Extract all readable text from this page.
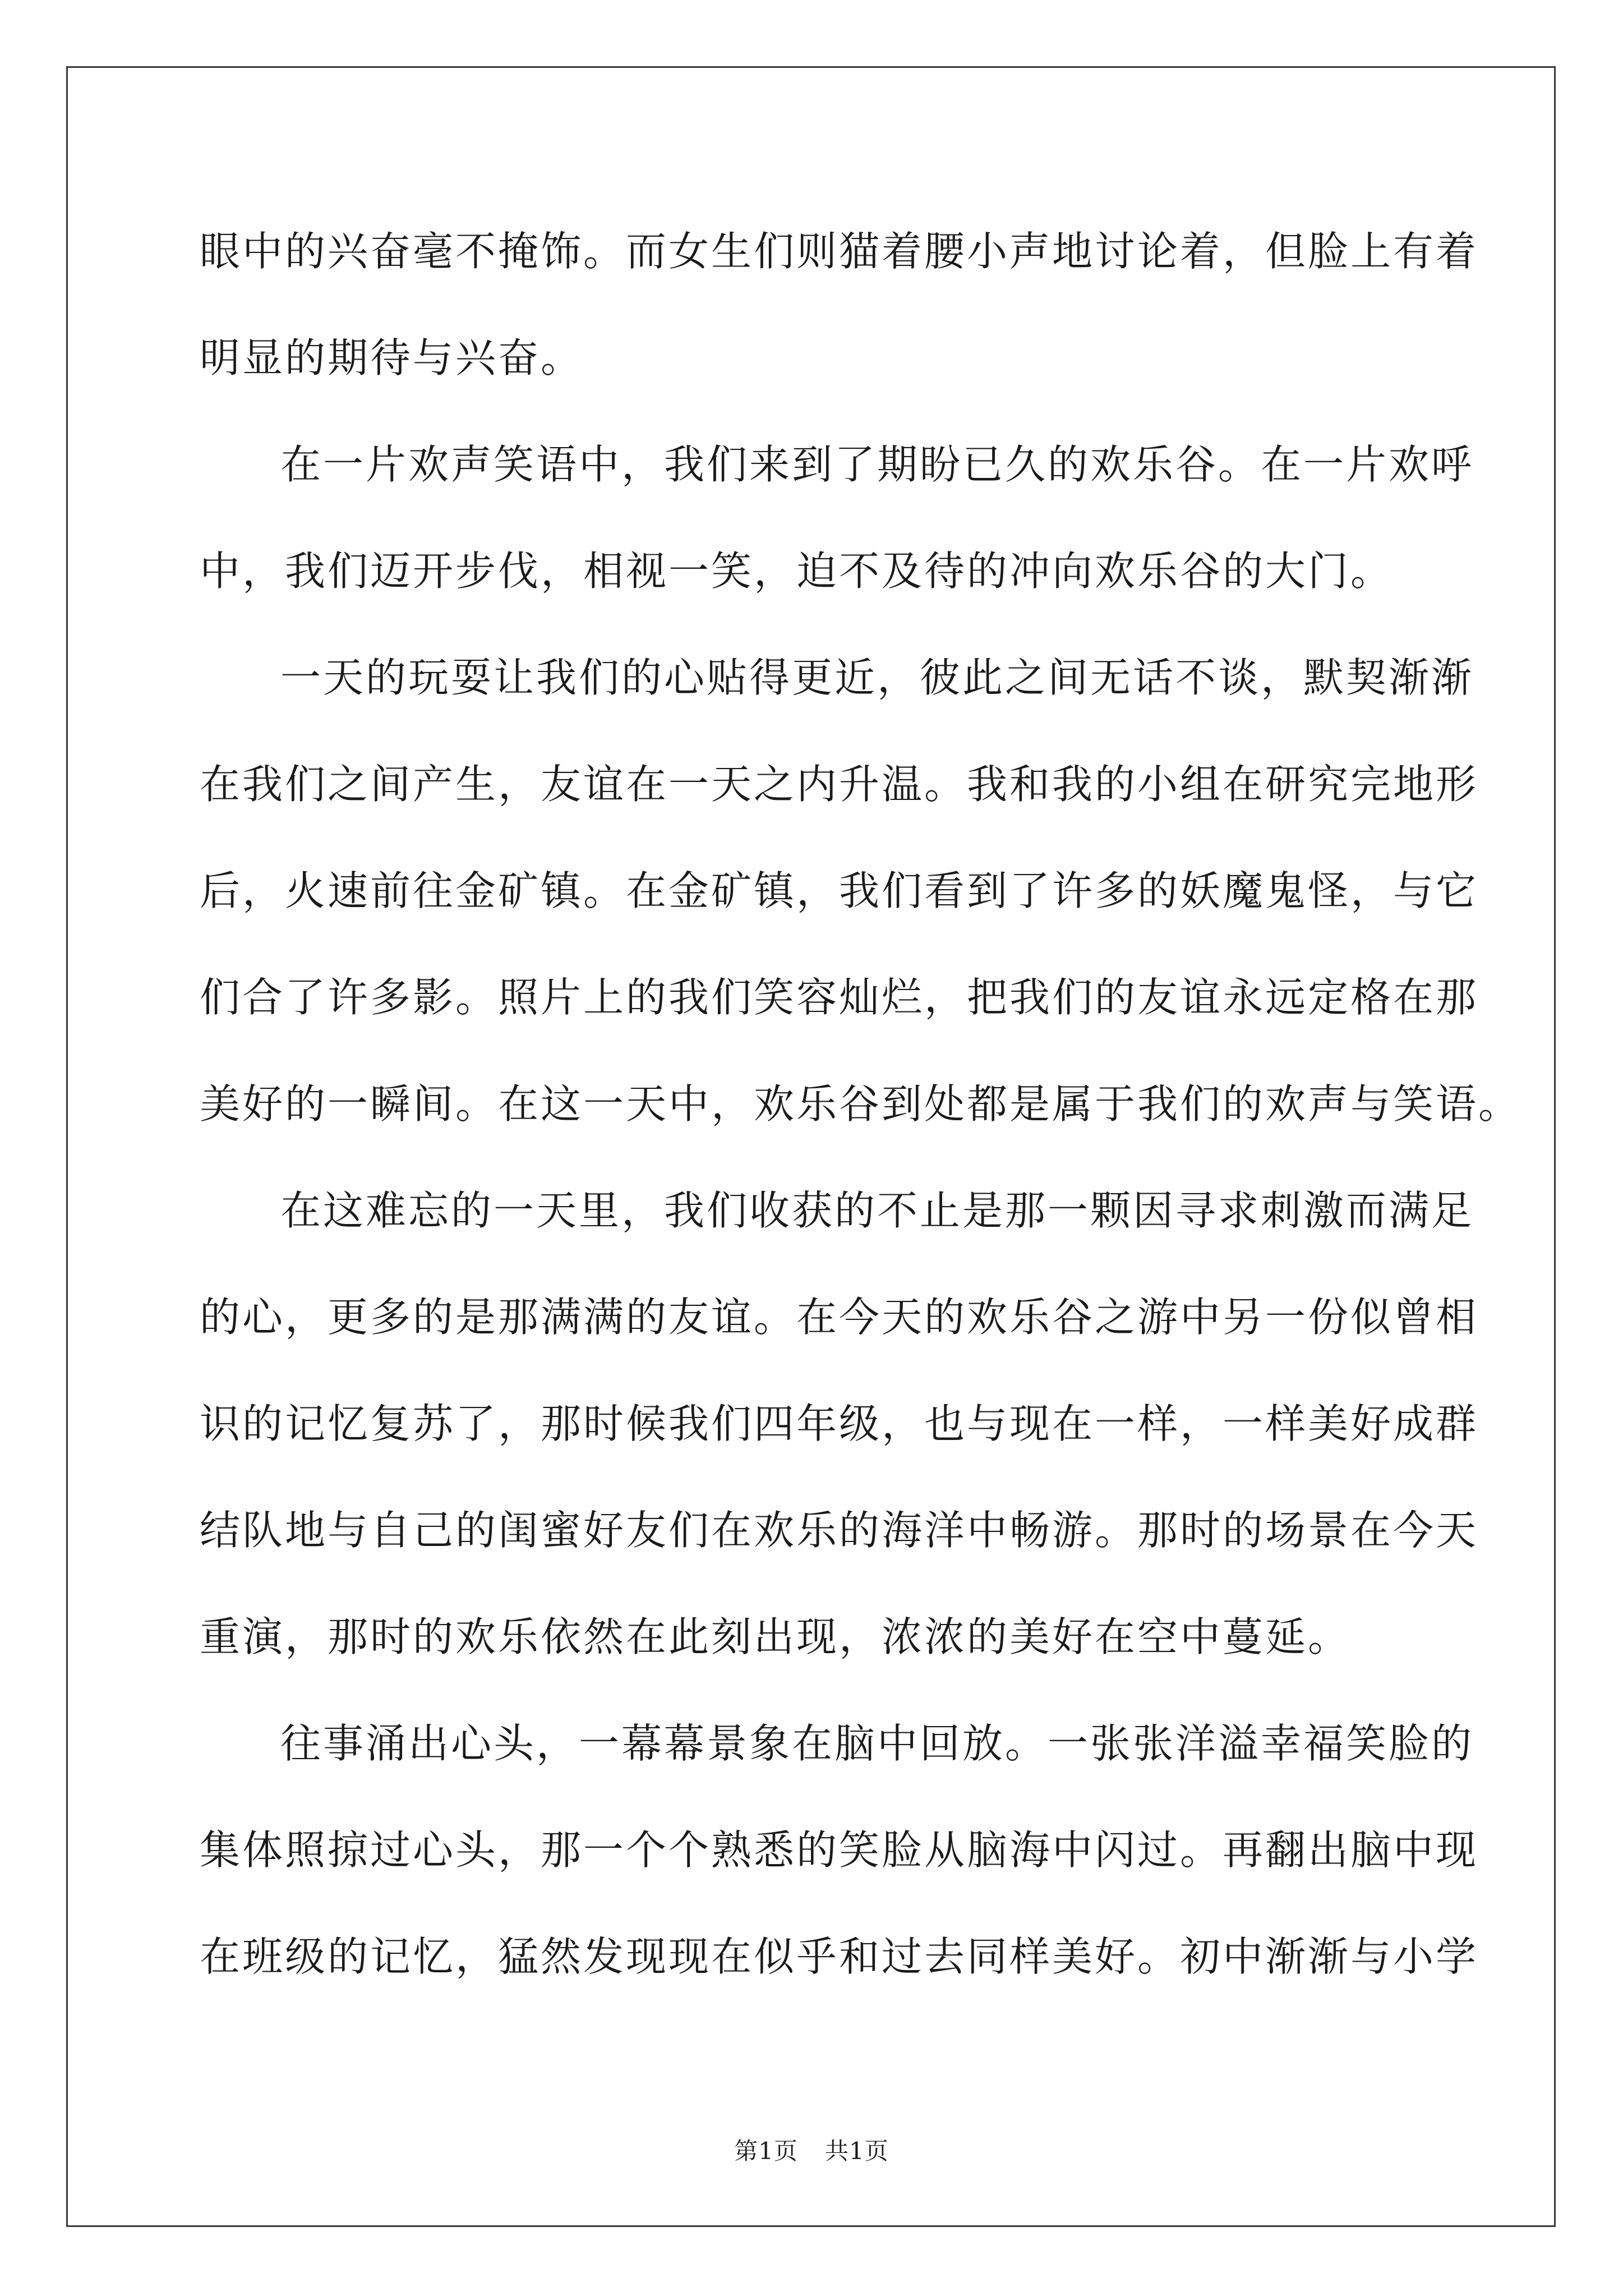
眼中的兴奋毫不掩饰。而女生们则猫着腰小声地讨论着，但脸上有着
明显的期待与兴奋。
在一片欢声笑语中，我们来到了期盼已久的欢乐谷。在一片欢呼
中，我们迈开步伐，相视一笑，迫不及待的冲向欢乐谷的大门。
一天的玩耍让我们的心贴得更近，彼此之间无话不谈，默契渐渐
在我们之间产生，友谊在一天之内升温。我和我的小组在研究完地形
后，火速前往金矿镇。在金矿镇，我们看到了许多的妖魔鬼怪，与它
们合了许多影。照片上的我们笑容灿烂，把我们的友谊永远定格在那
美好的一瞬间。在这一天中，欢乐谷到处都是属于我们的欢声与笑语。
在这难忘的一天里，我们收获的不止是那一颗因寻求刺激而满足
的心，更多的是那满满的友谊。在今天的欢乐谷之游中另一份似曾相
识的记忆复苏了，那时候我们四年级，也与现在一样，一样美好成群
结队地与自己的闺蜜好友们在欢乐的海洋中畅游。那时的场景在今天
重演，那时的欢乐依然在此刻出现，浓浓的美好在空中蔓延。
往事涌出心头，一幕幕景象在脑中回放。一张张洋溢幸福笑脸的
集体照掠过心头，那一个个熟悉的笑脸从脑海中闪过。再翻出脑中现
在班级的记忆，猛然发现现在似乎和过去同样美好。初中渐渐与小学
第1页 共1页
